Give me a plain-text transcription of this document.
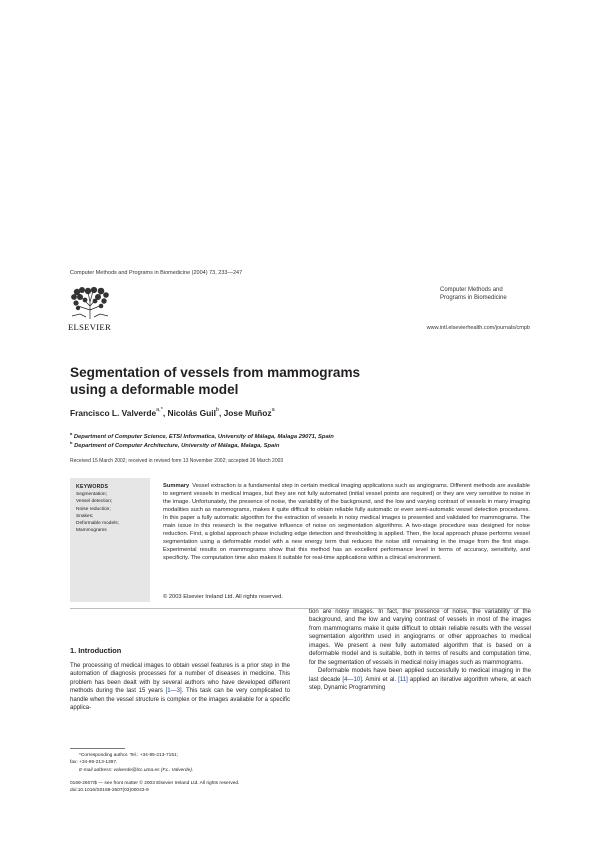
Computer Methods and Programs in Biomedicine (2004) 73, 233—247
ELSEVIER
Computer Methods and
Programs in Biomedicine
www.intl.elsevierhealth.com/journals/cmpb
Segmentation of vessels from mammograms
using a deformable model
Francisco L. Valverde$^{a,*}$, Nicolás Guil$^b$, Jose Muñoz$^a$
$^a$ Department of Computer Science, ETSI Informatica, University of Málaga, Malaga 29071, Spain
$^b$ Department of Computer Architecture, University of Málaga, Malaga, Spain
Received 15 March 2002; received in revised form 13 November 2002; accepted 26 March 2003
KEYWORDS
Segmentation;
Vessel detection;
Noise reduction;
Snakes;
Deformable models;
Mammograms

Summary Vessel extraction is a fundamental step in certain medical imaging applications such as angiograms. Different methods are available to segment vessels in medical images, but they are not fully automated (initial vessel points are required) or they are very sensitive to noise in the image. Unfortunately, the presence of noise, the variability of the background, and the low and varying contrast of vessels in many imaging modalities such as mammograms, makes it quite difficult to obtain reliable fully automatic or even semi-automatic vessel detection procedures. In this paper a fully automatic algorithm for the extraction of vessels in noisy medical images is presented and validated for mammograms. The main issue in this research is the negative influence of noise on segmentation algorithms. A two-stage procedure was designed for noise reduction. First, a global approach phase including edge detection and thresholding is applied. Then, the local approach phase performs vessel segmentation using a deformable model with a new energy term that reduces the noise still remaining in the image from the first stage. Experimental results on mammograms show that this method has an excellent performance level in terms of accuracy, sensitivity, and specificity. The computation time also makes it suitable for real-time applications within a clinical environment.

© 2003 Elsevier Ireland Ltd. All rights reserved.
1. Introduction

The processing of medical images to obtain vessel features is a prior step in the automation of diagnosis processes for a number of diseases in medicine. This problem has been dealt with by several authors who have developed different methods during the last 15 years [1—3]. This task can be very complicated to handle when the vessel structure is complex or the images available for a specific applica-

tion are noisy images. In fact, the presence of noise, the variability of the background, and the low and varying contrast of vessels in most of the images from mammograms make it quite difficult to obtain reliable results with the vessel segmentation algorithm used in angiograms or other approaches to medical images. We present a new fully automated algorithm that is based on a deformable model and is suitable, both in terms of results and computation time, for the segmentation of vessels in medical noisy images such as mammograms.

Deformable models have been applied successfully to medical imaging in the last decade [4—10]. Amini et al. [11] applied an iterative algorithm where, at each step, Dynamic Programming

*Corresponding author. Tel.: +34-95-213-7151;
fax: +34-95-213-1397.
E-mail address: valverde@lcc.uma.es (F.L. Valverde).
0169-2607/$ — see front matter © 2003 Elsevier Ireland Ltd. All rights reserved.
doi:10.1016/S0169-2607(03)00043-9
